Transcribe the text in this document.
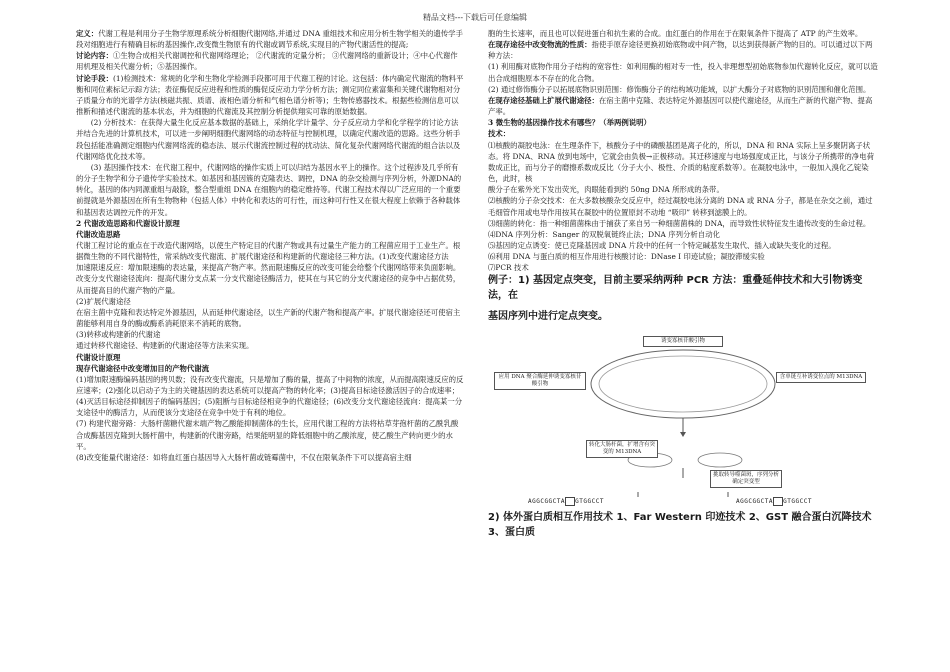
精品文档---下载后可任意编辑

定义：代谢工程是利用分子生物学原理系统分析细胞代谢网络,并通过 DNA 重组技术和应用分析生物学相关的遗传学手段对细胞进行有精确目标的基因操作,改变微生物原有的代谢或调节系统,实现目的产物代谢活性的提高;

讨论内容：①生物合成相关代谢调控和代谢网络理论； ②代谢流的定量分析； ③代谢网络的重新设计；④中心代谢作用机理及相关代谢分析；⑤基因操作。

讨论手段：(1)检测技术：常规的化学和生物化学检测手段都可用于代谢工程的讨论。这包括：体内确定代谢流的物料平衡和同位素标记示踪方法；表征酶促反应进程和性质的酶促反应动力学分析方法；测定同位素富集和关键代谢物相对分子质量分布的光谱学方法(核磁共振、质谱、液相色谱分析和气相色谱分析等)；生物传感器技术。根据些检测信息可以推断和描述代谢流的基本状态，并为细胞的代谢流及其控制分析提供翔实可靠的原始数据。

(2) 分析技术：在获得大量生化反应基本数据的基础上，采纳化学计量学、分子反应动力学和化学程学的讨论方法并结合先进的计算机技术，可以进一步阐明细胞代谢网络的动态特征与控制机理，以确定代谢改造的思路。这些分析手段包括能准确测定细胞内代谢网络流的稳态法、展示代谢流控制过程的扰动法、简化复杂代谢网络代谢流的组合法以及代谢网络优化技术等。

(3) 基因操作技术：在代谢工程中，代谢网络的操作实质上可以归结为基因水平上的操作。这个过程涉及几乎所有的分子生物学和分子遗传学实验技术。如基因和基因簇的克隆表达、调控，DNA 的杂交检测与序列分析，外源DNA的转化，基因的体内同源重组与敲除，整合型重组 DNA 在细胞内的稳定维持等。代谢工程技术得以广泛应用的一个重要前提就是外源基因在所有生物物种（包括人体）中转化和表达的可行性，而这种可行性又在很大程度上依赖于各种载体和基因表达调控元件的开发。

2 代谢改造思路和代谢设计原理

代谢改造思路

代谢工程讨论的重点在于改造代谢网络，以使生产特定目的代谢产物或具有过量生产能力的工程菌应用于工业生产。根据微生物的不同代谢特性，常采纳改变代谢流、扩展代谢途径和构建新的代谢途径三种方法。(1)改变代谢途径方法

加速限速反应：增加限速酶的表达量，来提高产物产率。然而限速酶反应的改变可能会给整个代谢网络带来负面影响。

改变分支代谢途径流向：提高代谢分支点某一分支代谢途径酶活力，使其在与其它的分支代谢途径的竞争中占据优势，从而提高目的代谢产物的产量。

(2)扩展代谢途径

在宿主菌中克隆和表达特定外源基因，从而延伸代谢途径，以生产新的代谢产物和提高产率。扩展代谢途径还可使宿主菌能够利用自身的酶或酶系消耗原来不消耗的底物。

(3)转移或构建新的代谢途

通过转移代谢途径、构建新的代谢途径等方法来实现。

代谢设计原理

现存代谢途径中改变增加目的产物代谢流

(1)增加限速酶编码基因的拷贝数；没有改变代谢流，只是增加了酶的量，提高了中间物的浓度，从而提高限速反应的反应速率；(2)强化以启动子为主的关键基因的表达系统可以提高产物的转化率；(3)提高目标途径激活因子的合成速率；(4)灭活目标途径抑制因子的编码基因；(5)阻断与目标途径相竞争的代谢途径；(6)改变分支代谢途径流向：提高某一分支途径中的酶活力，从而使该分支途径在竞争中处于有利的地位。

(7) 构建代谢旁路：大肠杆菌糖代谢末端产物乙酸能抑制菌体的生长，应用代谢工程的方法将枯草芽孢杆菌的乙酰乳酸合成酶基因克隆到大肠杆菌中，构建新的代谢旁路，结果能明显的降低细胞中的乙酸浓度，使乙酸生产转向更少的水平。

(8)改变能量代谢途径：如将血红蛋白基因导入大肠杆菌或链霉菌中，不仅在限氧条件下可以提高宿主细

胞的生长速率，而且也可以促进蛋白和抗生素的合成。血红蛋白的作用在于在限氧条件下提高了 ATP 的产生效率。

在现存途径中改变物流的性质：指使手原存途径更换初始底物或中间产物，以达到获得新产物的目的。可以通过以下两种方法：

(1) 利用酶对底物作用分子结构的宽容性：如利用酶的相对专一性，投入非理想型初始底物参加代谢转化反应，就可以造出合成细胞原本不存在的化合物。

(2) 通过修饰酶分子以拓展底物识别范围：修饰酶分子的结构域功能域，以扩大酶分子对底物的识别范围和催化范围。

在现存途径基础上扩展代谢途径：在宿主菌中克隆、表达特定外源基因可以使代谢途径，从而生产新的代谢产物、提高产率。

3 微生物的基因操作技术有哪些？（举两例说明）

技术：

⑴核酸的凝胶电泳：在生理条件下，核酸分子中的磷酸基团是离子化的，所以，DNA 和 RNA 实际上呈多聚阴离子状态。将 DNA、RNA 放到电场中，它就会由负极→正极移动。其迁移速度与电场强度成正比，与该分子所携带的净电荷数成正比，而与分子的磨擦系数成反比（分子大小、极性、介质的粘度系数等）。在凝胶电泳中，一般加入溴化乙锭染色，此时，核

酸分子在紫外光下发出荧光，肉眼能看到约 50ng DNA 所形成的条带。

⑵核酸的分子杂交技术：在大多数核酸杂交反应中，经过凝胶电泳分离的 DNA 或 RNA 分子，都是在杂交之前，通过毛细管作用或电导作用按其在凝胶中的位置原封不动地 “吸印” 转移到滤膜上的。

⑶细菌的转化：指一种细菌菌株由于捕获了来自另一种细菌菌株的 DNA，而导致性状特征发生遗传改变的生命过程。

⑷DNA 序列分析：Sanger 的双脱氧链终止法；DNA 序列分析自动化

⑸基因的定点诱变：使已克隆基因或 DNA 片段中的任何一个特定碱基发生取代、插入或缺失变化的过程。

⑹利用 DNA 与蛋白质的相互作用进行核酸讨论：DNase Ⅰ 印迹试验；凝胶滞缓实验

⑺PCR 技术

例子：1) 基因定点突变，目前主要采纳两种 PCR 方法：重叠延伸技术和大引物诱变法，在

基因序列中进行定点突变。

诱变寡核苷酸引物
应用 DNA 聚合酶延伸诱变寡核苷酸引物
含单链互补诱变位点的 M13DNA
转化大肠杆菌，扩增含有突变的 M13DNA
挑取转导噬菌斑，序列分析确定突变型
AGGCGGCTA GTGGCCT	AGGCGGCTA GTGGCCT

2) 体外蛋白质相互作用技术 1、Far Western 印迹技术 2、GST 融合蛋白沉降技术 3、蛋白质
